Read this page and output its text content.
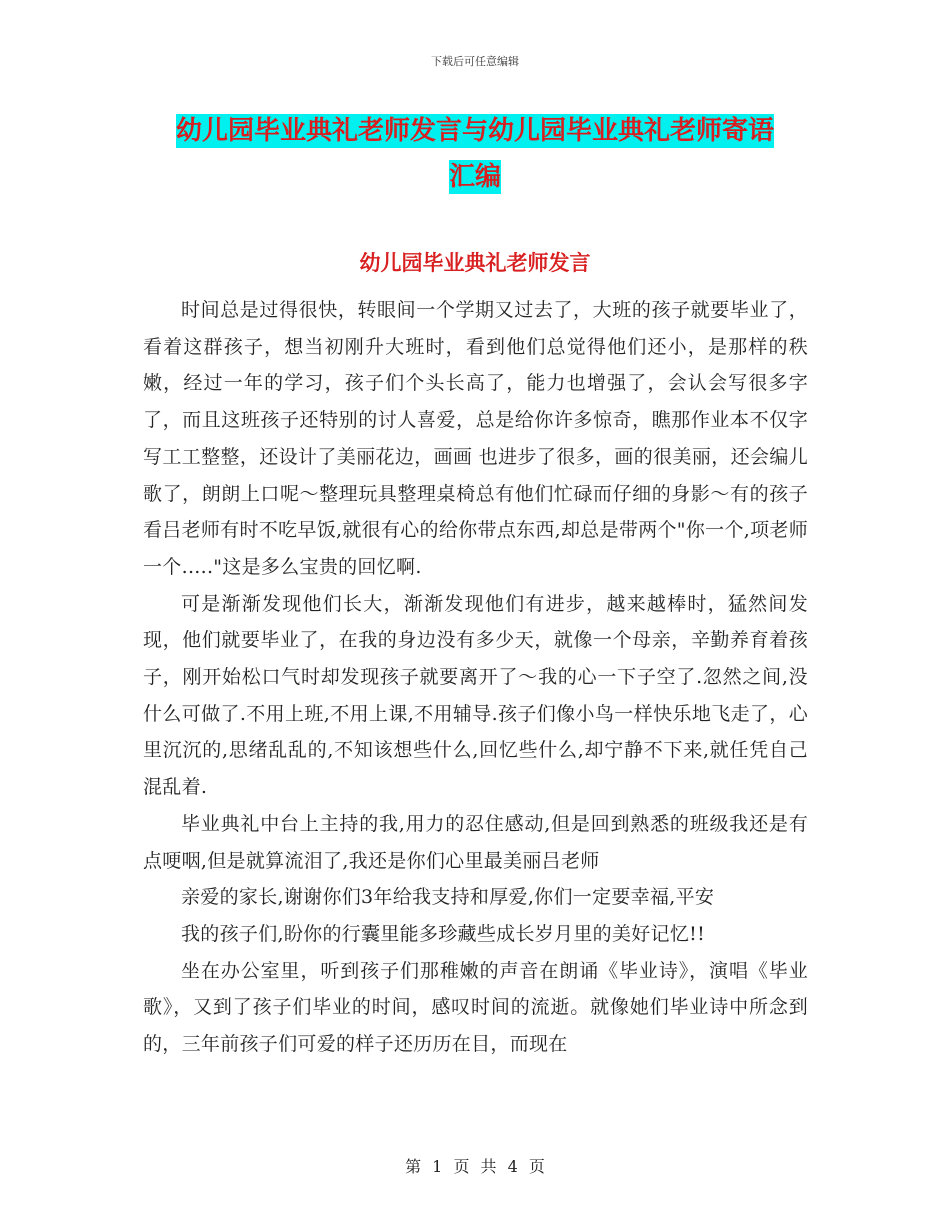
下载后可任意编辑
幼儿园毕业典礼老师发言与幼儿园毕业典礼老师寄语
汇编
幼儿园毕业典礼老师发言

时间总是过得很快，转眼间一个学期又过去了，大班的孩子就要毕业了，看着这群孩子，想当初刚升大班时，看到他们总觉得他们还小，是那样的秩嫩，经过一年的学习，孩子们个头长高了，能力也增强了，会认会写很多字了，而且这班孩子还特别的讨人喜爱，总是给你许多惊奇，瞧那作业本不仅字写工工整整，还设计了美丽花边，画画 也进步了很多，画的很美丽，还会编儿歌了，朗朗上口呢～整理玩具整理桌椅总有他们忙碌而仔细的身影～有的孩子看吕老师有时不吃早饭,就很有心的给你带点东西,却总是带两个"你一个,项老师一个....."这是多么宝贵的回忆啊.

可是渐渐发现他们长大，渐渐发现他们有进步，越来越棒时，猛然间发现，他们就要毕业了，在我的身边没有多少天，就像一个母亲，辛勤养育着孩子，刚开始松口气时却发现孩子就要离开了～我的心一下子空了.忽然之间,没什么可做了.不用上班,不用上课,不用辅导.孩子们像小鸟一样快乐地飞走了，心里沉沉的,思绪乱乱的,不知该想些什么,回忆些什么,却宁静不下来,就任凭自己混乱着.

毕业典礼中台上主持的我,用力的忍住感动,但是回到熟悉的班级我还是有点哽咽,但是就算流泪了,我还是你们心里最美丽吕老师

亲爱的家长,谢谢你们3年给我支持和厚爱,你们一定要幸福,平安

我的孩子们,盼你的行囊里能多珍藏些成长岁月里的美好记忆!!

坐在办公室里，听到孩子们那稚嫩的声音在朗诵《毕业诗》，演唱《毕业歌》，又到了孩子们毕业的时间，感叹时间的流逝。就像她们毕业诗中所念到的，三年前孩子们可爱的样子还历历在目，而现在

第 1 页 共 4 页
